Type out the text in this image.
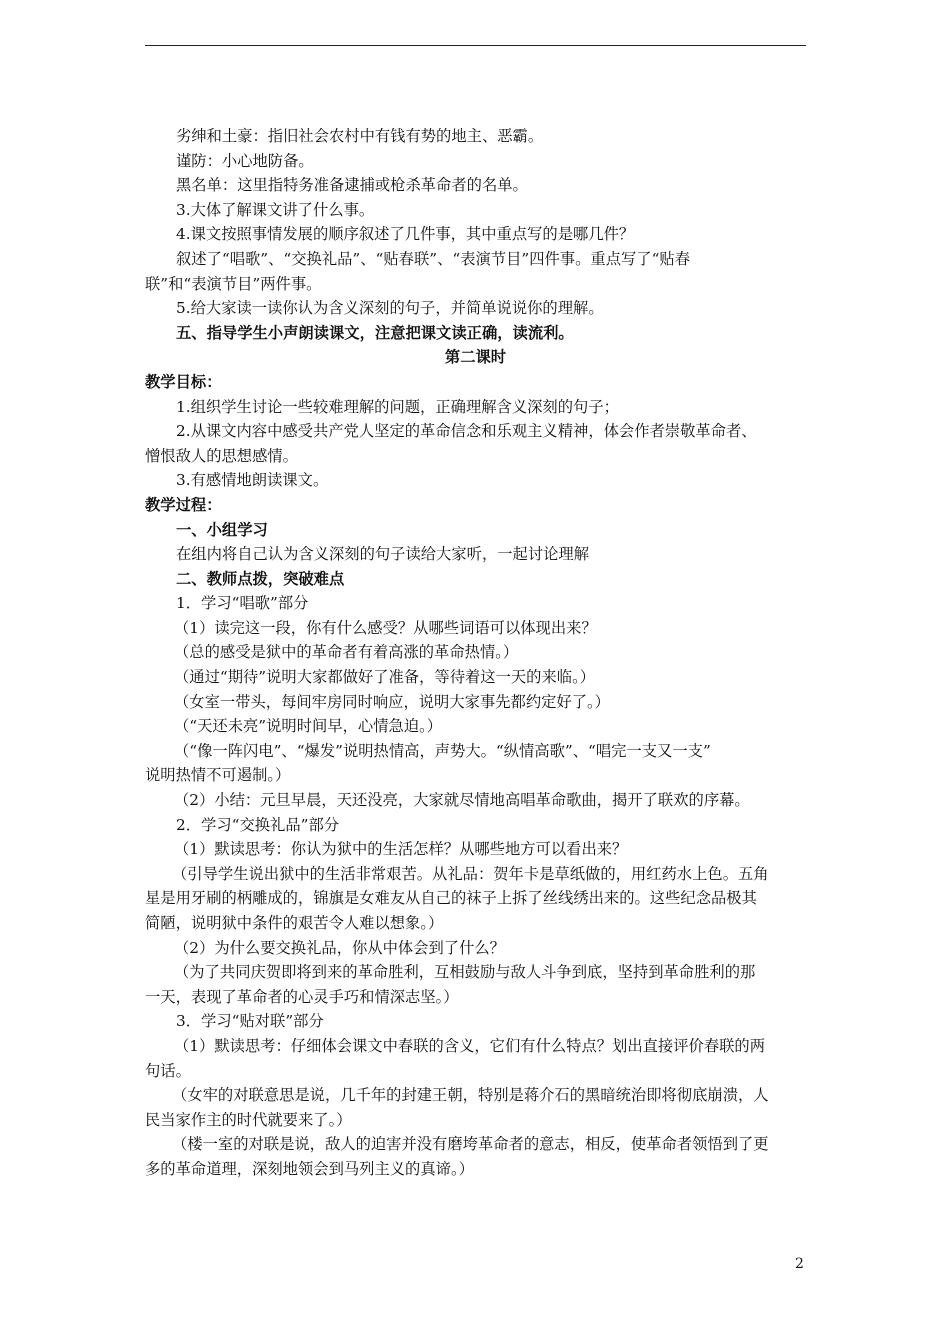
劣绅和土豪：指旧社会农村中有钱有势的地主、恶霸。
谨防：小心地防备。
黑名单：这里指特务准备逮捕或枪杀革命者的名单。
3.大体了解课文讲了什么事。
4.课文按照事情发展的顺序叙述了几件事，其中重点写的是哪几件？
叙述了“唱歌”、“交换礼品”、“贴春联”、“表演节目”四件事。重点写了“贴春
联”和“表演节目”两件事。
5.给大家读一读你认为含义深刻的句子，并简单说说你的理解。
五、指导学生小声朗读课文，注意把课文读正确，读流利。
第二课时
教学目标：
1.组织学生讨论一些较难理解的问题，正确理解含义深刻的句子；
2.从课文内容中感受共产党人坚定的革命信念和乐观主义精神，体会作者崇敬革命者、
憎恨敌人的思想感情。
3.有感情地朗读课文。
教学过程：
一、小组学习
在组内将自己认为含义深刻的句子读给大家听，一起讨论理解
二、教师点拨，突破难点
1．学习“唱歌”部分
（1）读完这一段，你有什么感受？从哪些词语可以体现出来？
（总的感受是狱中的革命者有着高涨的革命热情。）
（通过“期待”说明大家都做好了准备，等待着这一天的来临。）
（女室一带头，每间牢房同时响应，说明大家事先都约定好了。）
（“天还未亮”说明时间早，心情急迫。）
（“像一阵闪电”、“爆发”说明热情高，声势大。“纵情高歌”、“唱完一支又一支”
说明热情不可遏制。）
（2）小结：元旦早晨，天还没亮，大家就尽情地高唱革命歌曲，揭开了联欢的序幕。
2．学习“交换礼品”部分
（1）默读思考：你认为狱中的生活怎样？从哪些地方可以看出来？
（引导学生说出狱中的生活非常艰苦。从礼品：贺年卡是草纸做的，用红药水上色。五角
星是用牙刷的柄雕成的，锦旗是女难友从自己的袜子上拆了丝线绣出来的。这些纪念品极其
简陋，说明狱中条件的艰苦令人难以想象。）
（2）为什么要交换礼品，你从中体会到了什么？
（为了共同庆贺即将到来的革命胜利，互相鼓励与敌人斗争到底，坚持到革命胜利的那
一天，表现了革命者的心灵手巧和情深志坚。）
3．学习“贴对联”部分
（1）默读思考：仔细体会课文中春联的含义，它们有什么特点？划出直接评价春联的两
句话。
（女牢的对联意思是说，几千年的封建王朝，特别是蒋介石的黑暗统治即将彻底崩溃，人
民当家作主的时代就要来了。）
（楼一室的对联是说，敌人的迫害并没有磨垮革命者的意志，相反，使革命者领悟到了更
多的革命道理，深刻地领会到马列主义的真谛。）
2
